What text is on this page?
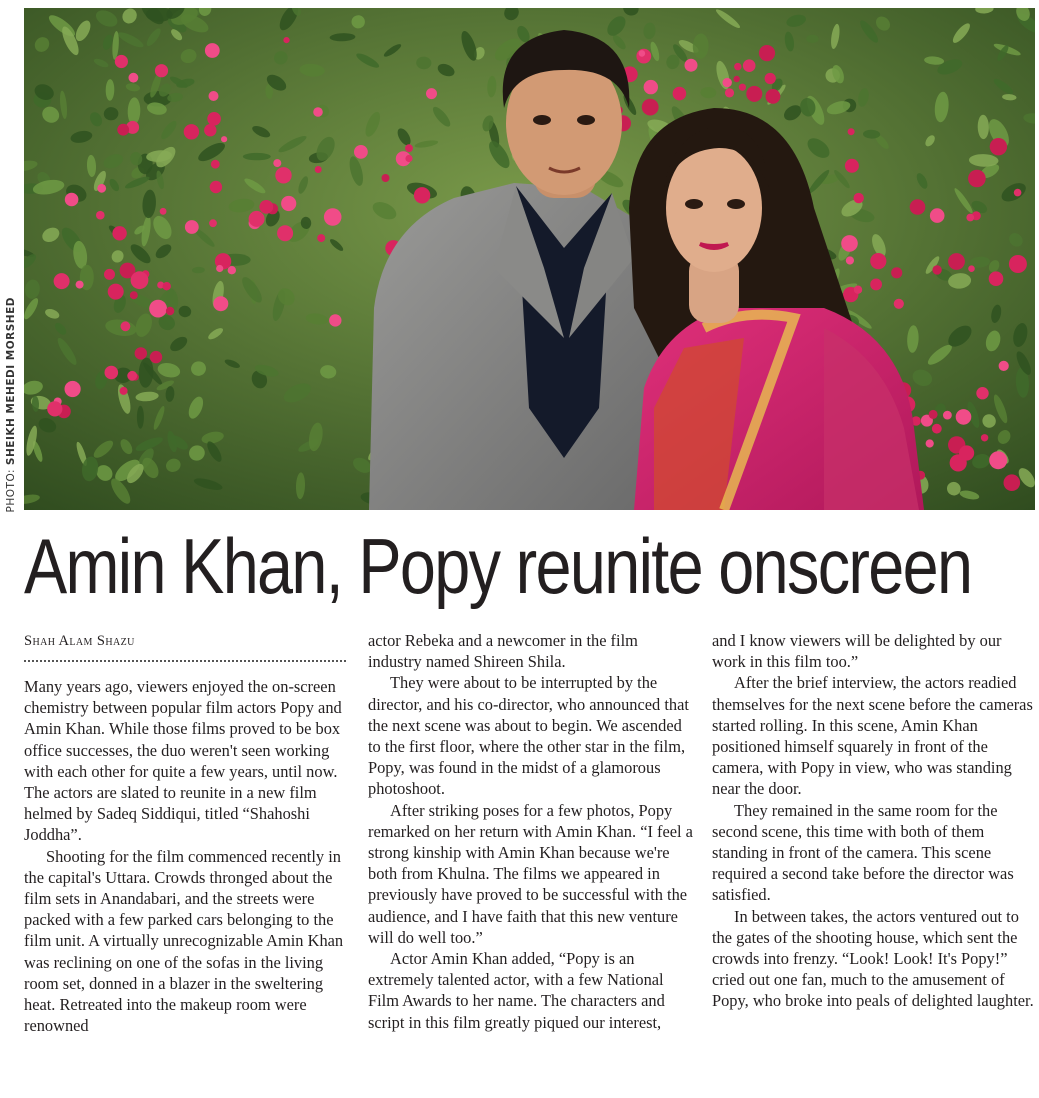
PHOTO: SHEIKH MEHEDI MORSHED
Amin Khan, Popy reunite onscreen
Shah Alam Shazu

Many years ago, viewers enjoyed the on-screen chemistry between popular film actors Popy and Amin Khan. While those films proved to be box office successes, the duo weren't seen working with each other for quite a few years, until now. The actors are slated to reunite in a new film helmed by Sadeq Siddiqui, titled “Shahoshi Joddha”.

Shooting for the film commenced recently in the capital's Uttara. Crowds thronged about the film sets in Anandabari, and the streets were packed with a few parked cars belonging to the film unit. A virtually unrecognizable Amin Khan was reclining on one of the sofas in the living room set, donned in a blazer in the sweltering heat. Retreated into the makeup room were renowned

actor Rebeka and a newcomer in the film industry named Shireen Shila.

They were about to be interrupted by the director, and his co-director, who announced that the next scene was about to begin. We ascended to the first floor, where the other star in the film, Popy, was found in the midst of a glamorous photoshoot.

After striking poses for a few photos, Popy remarked on her return with Amin Khan. “I feel a strong kinship with Amin Khan because we're both from Khulna. The films we appeared in previously have proved to be successful with the audience, and I have faith that this new venture will do well too.”

Actor Amin Khan added, “Popy is an extremely talented actor, with a few National Film Awards to her name. The characters and script in this film greatly piqued our interest,

and I know viewers will be delighted by our work in this film too.”

After the brief interview, the actors readied themselves for the next scene before the cameras started rolling. In this scene, Amin Khan positioned himself squarely in front of the camera, with Popy in view, who was standing near the door.

They remained in the same room for the second scene, this time with both of them standing in front of the camera. This scene required a second take before the director was satisfied.

In between takes, the actors ventured out to the gates of the shooting house, which sent the crowds into frenzy. “Look! Look! It's Popy!” cried out one fan, much to the amusement of Popy, who broke into peals of delighted laughter.
